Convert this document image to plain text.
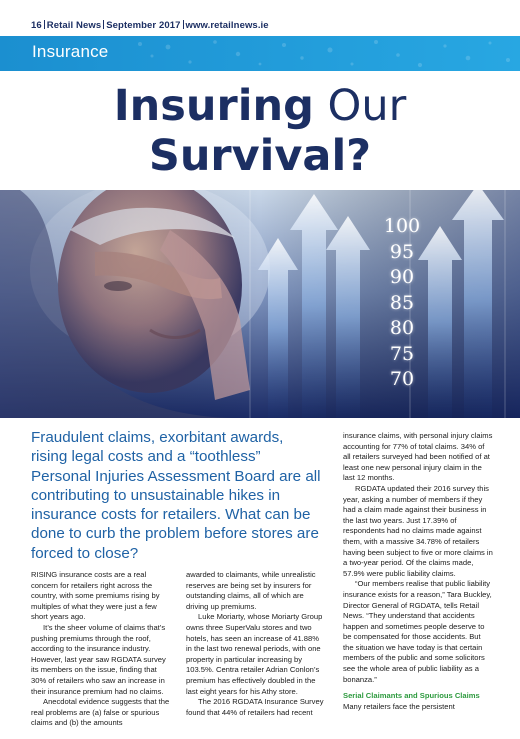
16 Retail News September 2017 www.retailnews.ie
Insurance
Insuring Our
Survival?
100
95
90
85
80
75
70
Fraudulent claims, exorbitant awards, rising legal costs and a “toothless” Personal Injuries Assessment Board are all contributing to unsustainable hikes in insurance costs for retailers. What can be done to curb the problem before stores are forced to close?

RISING insurance costs are a real concern for retailers right across the country, with some premiums rising by multiples of what they were just a few short years ago.

It’s the sheer volume of claims that’s pushing premiums through the roof, according to the insurance industry. However, last year saw RGDATA survey its members on the issue, finding that 30% of retailers who saw an increase in their insurance premium had no claims.

Anecdotal evidence suggests that the real problems are (a) false or spurious claims and (b) the amounts

awarded to claimants, while unrealistic reserves are being set by insurers for outstanding claims, all of which are driving up premiums.

Luke Moriarty, whose Moriarty Group owns three SuperValu stores and two hotels, has seen an increase of 41.88% in the last two renewal periods, with one property in particular increasing by 103.5%. Centra retailer Adrian Conlon’s premium has effectively doubled in the last eight years for his Athy store.

The 2016 RGDATA Insurance Survey found that 44% of retailers had recent

insurance claims, with personal injury claims accounting for 77% of total claims. 34% of all retailers surveyed had been notified of at least one new personal injury claim in the last 12 months.

RGDATA updated their 2016 survey this year, asking a number of members if they had a claim made against their business in the last two years. Just 17.39% of respondents had no claims made against them, with a massive 34.78% of retailers having been subject to five or more claims in a two-year period. Of the claims made, 57.9% were public liability claims.

“Our members realise that public liability insurance exists for a reason,” Tara Buckley, Director General of RGDATA, tells Retail News. “They understand that accidents happen and sometimes people deserve to be compensated for those accidents. But the situation we have today is that certain members of the public and some solicitors see the whole area of public liability as a bonanza.”

Serial Claimants and Spurious Claims

Many retailers face the persistent
